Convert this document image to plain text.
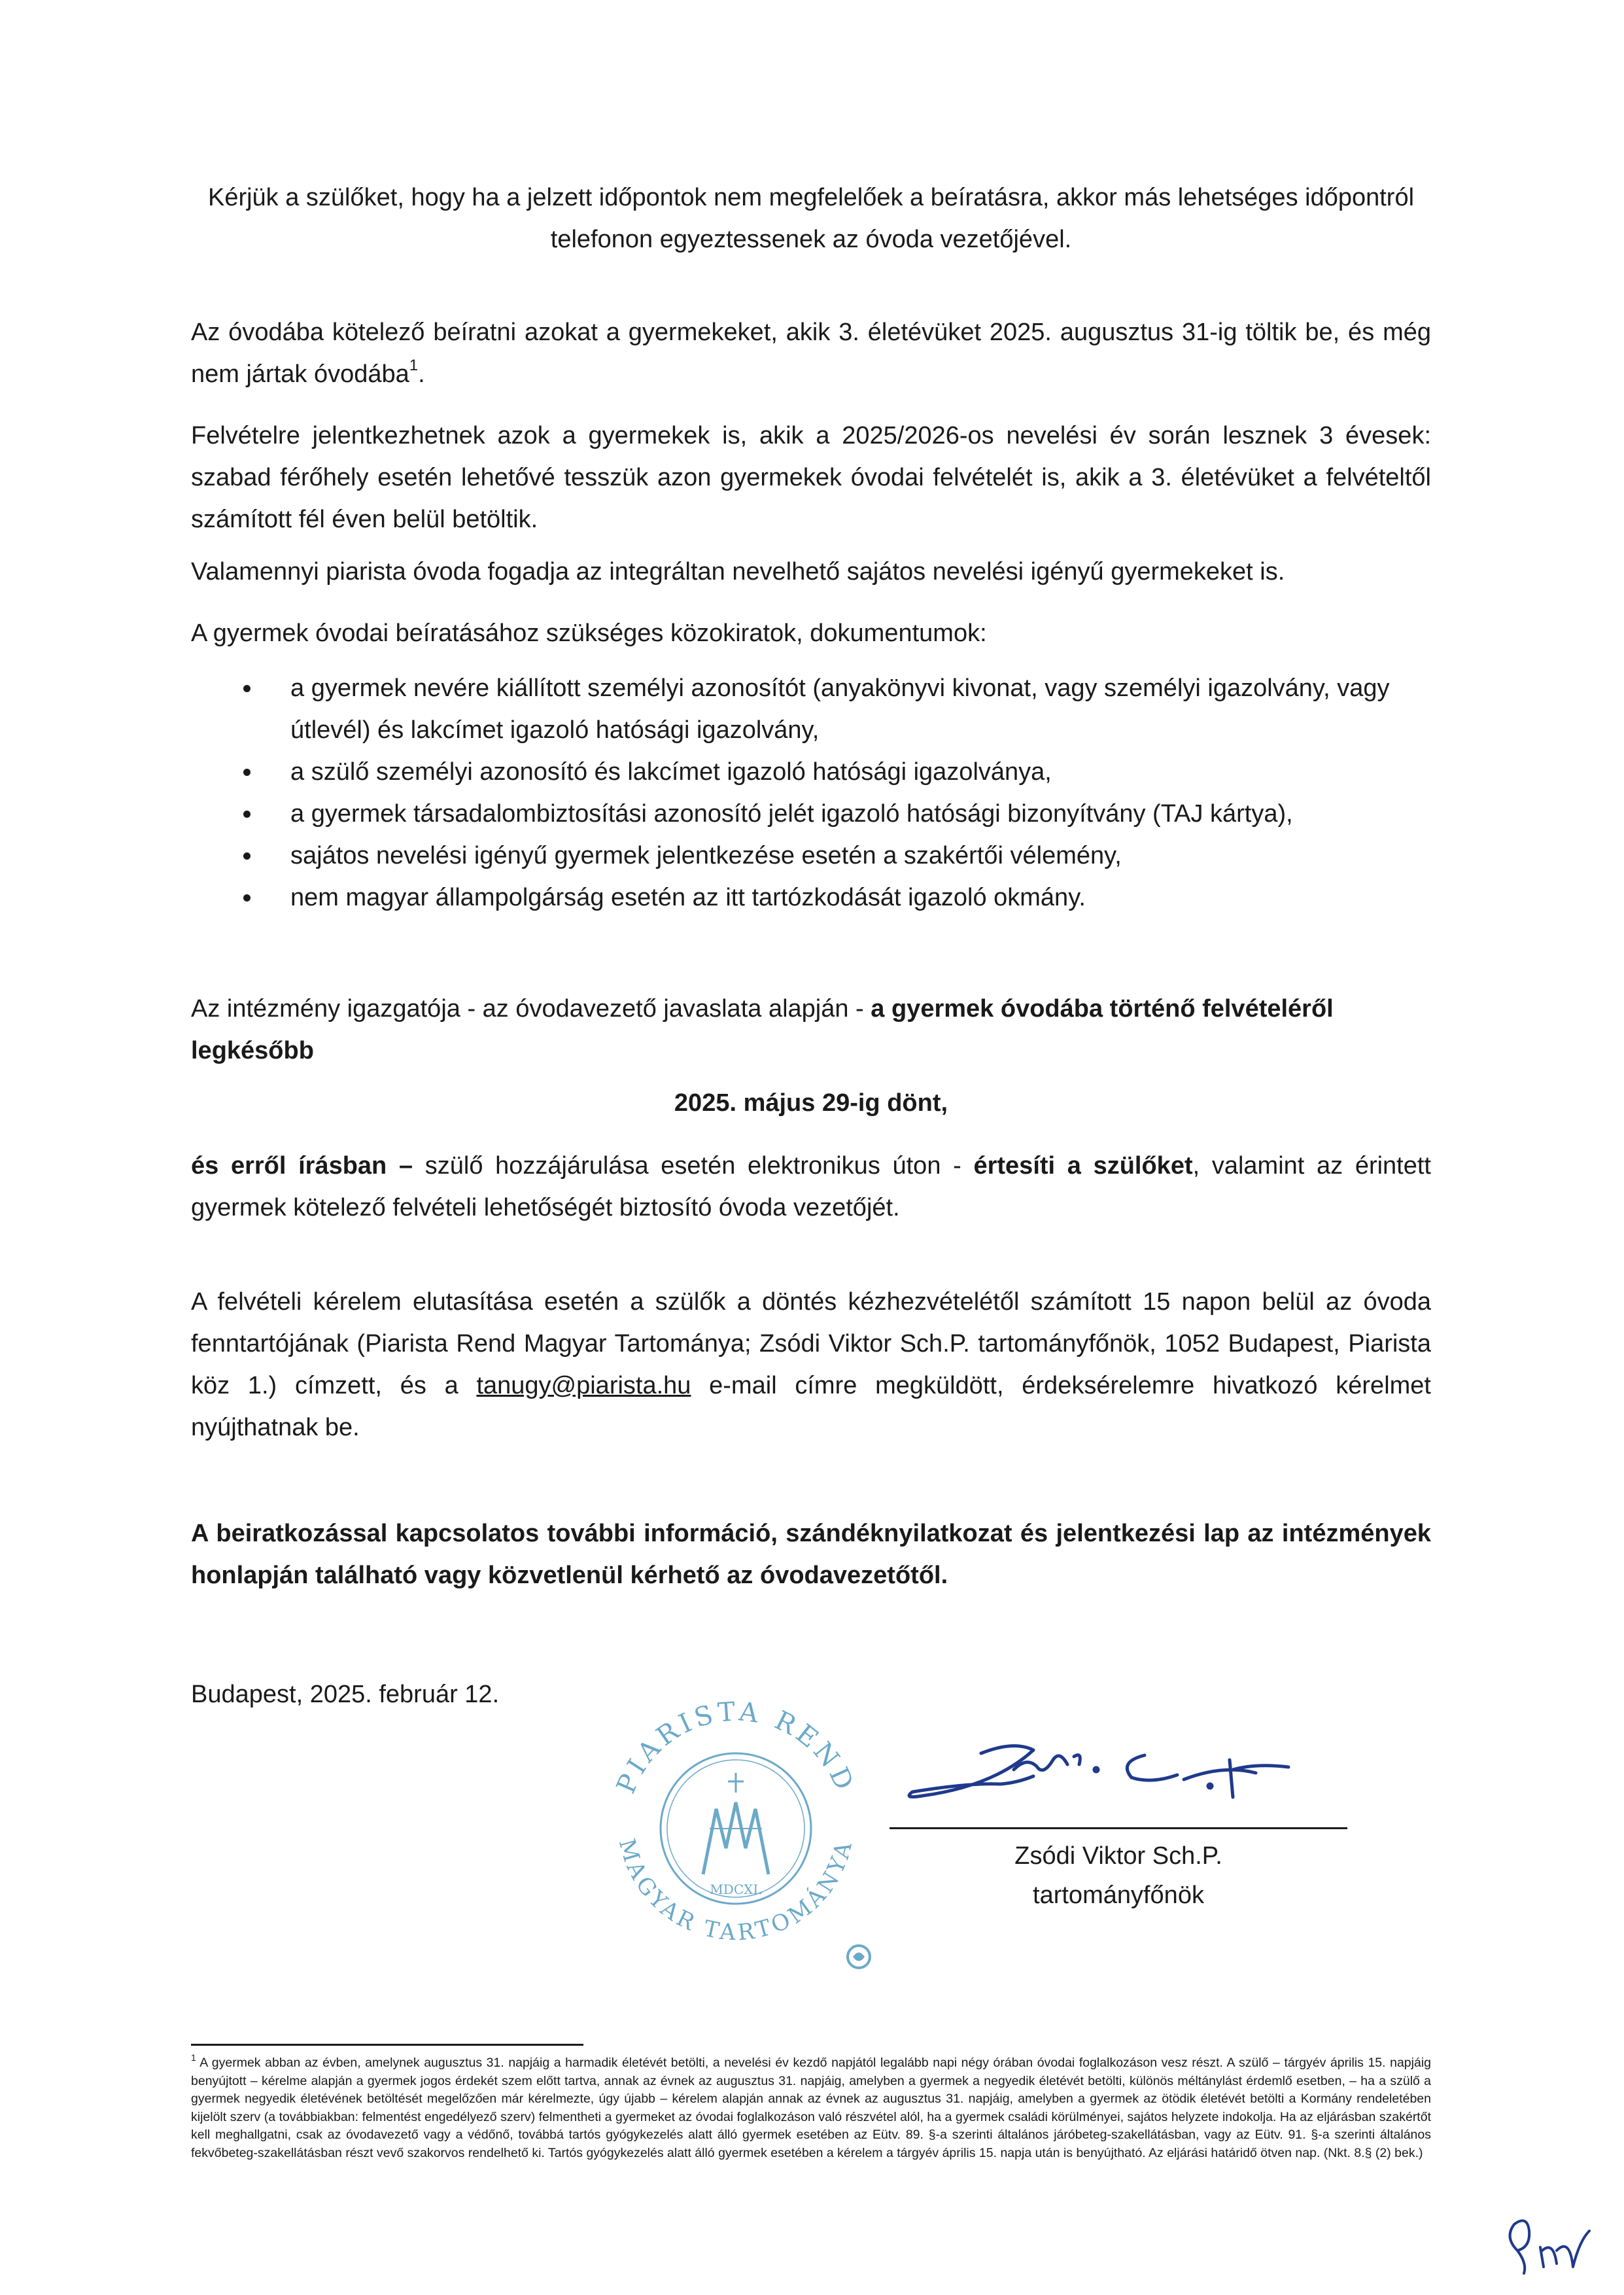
Kérjük a szülőket, hogy ha a jelzett időpontok nem megfelelőek a beíratásra, akkor más lehetséges időpontról telefonon egyeztessenek az óvoda vezetőjével.

Az óvodába kötelező beíratni azokat a gyermekeket, akik 3. életévüket 2025. augusztus 31-ig töltik be, és még nem jártak óvodába$^1$.

Felvételre jelentkezhetnek azok a gyermekek is, akik a 2025/2026-os nevelési év során lesznek 3 évesek: szabad férőhely esetén lehetővé tesszük azon gyermekek óvodai felvételét is, akik a 3. életévüket a felvételtől számított fél éven belül betöltik.

Valamennyi piarista óvoda fogadja az integráltan nevelhető sajátos nevelési igényű gyermekeket is.

A gyermek óvodai beíratásához szükséges közokiratok, dokumentumok:

a gyermek nevére kiállított személyi azonosítót (anyakönyvi kivonat, vagy személyi igazolvány, vagy útlevél) és lakcímet igazoló hatósági igazolvány,
a szülő személyi azonosító és lakcímet igazoló hatósági igazolványa,
a gyermek társadalombiztosítási azonosító jelét igazoló hatósági bizonyítvány (TAJ kártya),
sajátos nevelési igényű gyermek jelentkezése esetén a szakértői vélemény,
nem magyar állampolgárság esetén az itt tartózkodását igazoló okmány.

Az intézmény igazgatója - az óvodavezető javaslata alapján - a gyermek óvodába történő felvételéről legkésőbb

2025. május 29-ig dönt,

és erről írásban – szülő hozzájárulása esetén elektronikus úton - értesíti a szülőket, valamint az érintett gyermek kötelező felvételi lehetőségét biztosító óvoda vezetőjét.

A felvételi kérelem elutasítása esetén a szülők a döntés kézhezvételétől számított 15 napon belül az óvoda fenntartójának (Piarista Rend Magyar Tartománya; Zsódi Viktor Sch.P. tartományfőnök, 1052 Budapest, Piarista köz 1.) címzett, és a tanugy@piarista.hu e-mail címre megküldött, érdeksérelemre hivatkozó kérelmet nyújthatnak be.

A beiratkozással kapcsolatos további információ, szándéknyilatkozat és jelentkezési lap az intézmények honlapján található vagy közvetlenül kérhető az óvodavezetőtől.

Budapest, 2025. február 12.

PIARISTA REND
MAGYAR TARTOMÁNYA
MDCXL
Zsódi Viktor Sch.P.
tartományfőnök

$^1$ A gyermek abban az évben, amelynek augusztus 31. napjáig a harmadik életévét betölti, a nevelési év kezdő napjától legalább napi négy órában óvodai foglalkozáson vesz részt. A szülő – tárgyév április 15. napjáig benyújtott – kérelme alapján a gyermek jogos érdekét szem előtt tartva, annak az évnek az augusztus 31. napjáig, amelyben a gyermek a negyedik életévét betölti, különös méltánylást érdemlő esetben, – ha a szülő a gyermek negyedik életévének betöltését megelőzően már kérelmezte, úgy újabb – kérelem alapján annak az évnek az augusztus 31. napjáig, amelyben a gyermek az ötödik életévét betölti a Kormány rendeletében kijelölt szerv (a továbbiakban: felmentést engedélyező szerv) felmentheti a gyermeket az óvodai foglalkozáson való részvétel alól, ha a gyermek családi körülményei, sajátos helyzete indokolja. Ha az eljárásban szakértőt kell meghallgatni, csak az óvodavezető vagy a védőnő, továbbá tartós gyógykezelés alatt álló gyermek esetében az Eütv. 89. §-a szerinti általános járóbeteg-szakellátásban, vagy az Eütv. 91. §-a szerinti általános fekvőbeteg-szakellátásban részt vevő szakorvos rendelhető ki. Tartós gyógykezelés alatt álló gyermek esetében a kérelem a tárgyév április 15. napja után is benyújtható. Az eljárási határidő ötven nap. (Nkt. 8.§ (2) bek.)
